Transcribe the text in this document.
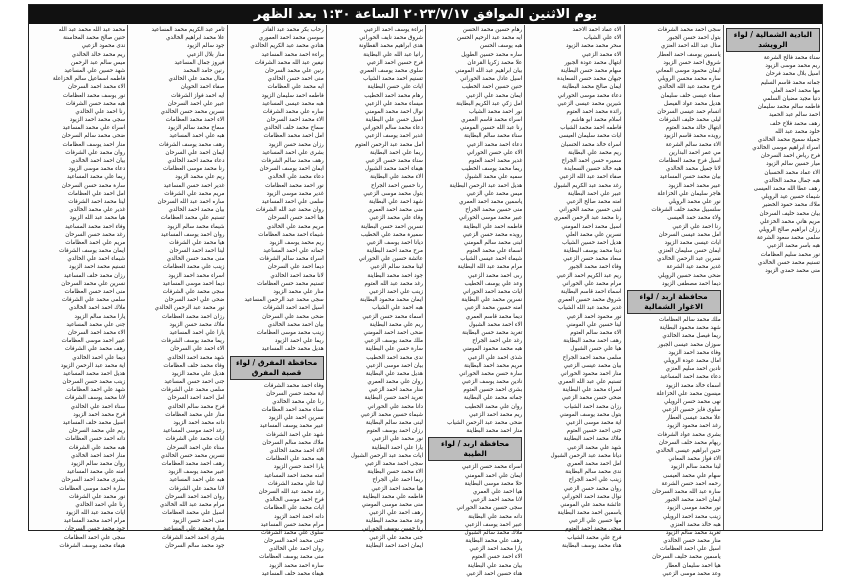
يوم الاثنين الموافق ٢٠٢٣/٧/١٧ الساعة ١:٣٠ بعد الظهر
البادية الشمالية / لواء الرويشد
سناء محمد فالح الشرعة
ريم محمد موسى الزيود
اسيل بلال محمد فرحان
جمانه محمد قاسم السليم
مها محمد احمد العلي
دنيا مجيد مضيان السلمي
فاطمه سالم محمد سليمان
احمد سالم عبد الحميد
رهف محمد فلاح خلف
خلود محمد عبد الله
جميلة سميح محمد الخالدي
اسراء ابراهيم موسى الخالدي
فرح رياض احمد السرحان
ميار حسين سالم الزيود
الاء عماد محمد الحسبان
هبه جمال محمد الخالدي
رهف عطا الله محمد العيسى
شيماء حسين عيد الرويلي
ملاك محمد حمود الخضير
بيان محمد خليف السرحان
مريم هاني محمد الخزعلي
رزان ابراهيم صالح الرويلي
سلمى محمد سعود الشرعة
هبه باسر محمد الزعبي
نور محمد سليم العظامات
تسنيم محمد حسن الخالدي
منى محمد حمدي الزيود
سجى احمد محمد الشرفات
بتول احمد حسن الجبور
منال عبد الله احمد العنزي
ياسمين يوسف احمد العطار
شروق احمد حسن الزيود
ايمان محمود موسى المعاني
ساره محمد محسن الرويلي
فرح محمد عبد الله الخالدي
صفاء عيسى خلف سليمان
هديل محمد عواد الفيصل
انسام حمد عيسى السرحان
ليلى محمد خليف الشرفات
ابتهال خالد محمد العتوم
رويده محمد قاسم الزيود
الاء محمد سالم الشرعة
مي عمر احمد البدارين
اسيل فرج محمد العظامات
لانا جميل محمد الخالدي
بيان محمد حسن المساعيد
عبير محمد احمد الزيود
هاجر سليمان علي الخزاعلة
نور علي محمد الرويلي
سلسبيل محمد خلف الشرفات
ولاء محمد حمد العيسى
رنا احمد علي الزعبي
امل محمد عيسى السرحان
ايات عيسى محمد الزيود
ايمان حسن سليمان العنزي
نسرين عبد الرحمن الخالدي
غدير محمد عيد الشرعة
ضحى محمد حسين الرويلي
ديما احمد مصطفى الزيود
محافظة اربد / لواء الاغوار الشمالية
ملك محمد سالم العظامات
شهد محمد محمود البطاينة
ريما فيصل محمد الخالدي
سوزان محمد عيسى الجبور
وفاء محمد احمد الزيود
امال محمد عودة الرويلي
نادين احمد سليم العنزي
دعاء محمد احمد المساعيد
اسماء خالد محمد الزيود
ميسون محمد علي الخزاعلة
نهى محمد حسن الرويلي
سلوى فايز حسين الزعبي
علا محمد عيسى العطار
رغد احمد محمود الزيود
بشرى محمد عواد الشرفات
ريهام محمد خلف السرحان
حنين ابراهيم عيسى الخالدي
الاء فواز محمد المعاني
لينا محمد سالم الزيود
سهام علي محمد العيسى
رحمه احمد حسن الشرعة
سارة عبد الله محمد السرحان
ايمان احمد محمد الجبور
نور محمد موسى الزيود
زينب محمد احمد الرويلي
هبه خالد محمد العنزي
تغريد محمد سالم الزيود
منار محمد حسن الخالدي
اسيل علي احمد العظامات
ياسمين محمد خليف السرحان
هيا احمد سليمان العطار
وعد محمد موسى الزعبي
الاء عماد احمد الاحمد
الاء علي الشياب
سحر محمد محمد الزيود
الاء محمد الزعبي
ابتهال محمد عودة الجبور
سهام محمد حسن البطاينة
جيهان محمد حسن السعايدة
ايمان صالح محمد البطاينة
دعاء محمد موسى الحوراني
شيرين محمد عيسى الزعبي
رائدة محمد احمد العتوم
اسلام محمد ابو هاشم
فاطمه احمد محمد الشياب
ايات محمد سليمان العيسى
اسراء خالد محمد الحسبان
ريم محمد علي البطاينة
سميره حسن احمد الجراح
هبه خالد حسين السعايدة
صفاء احمد عبد الله الزعبي
رغد محمد عبد الكريم الشبول
عبير علي احمد البطاينة
امنه محمد صالح الزعبي
لبنى حسين محمد الحوراني
رنا محمد عبد الرحمن العمري
اسيل محمد احمد المومني
نسرين علي محمد العلي
هديل احمد حسين الشياب
دينا محمد يوسف البطاينة
سعاد محمد حسن الزعبي
وفاء احمد محمد الجبور
ريم عبد الكريم احمد الزعبي
مرام محمد علي الحوراني
اسماء احمد قاسم البطاينة
شروق محمد حسين العمري
غدير محمد عبد الله الشياب
نور محمود احمد الزعبي
لينا حسين علي المومني
الاء محمد سالم العتوم
رهف احمد محمد البطاينة
هيا علي حسن الشبول
سلمى محمد احمد الجراح
بيان محمد عيسى الزعبي
منار احمد محمود الحوراني
تسنيم علي عبد الله العمري
اسراء محمد علي البطاينة
ضحى حسن محمد الزعبي
رزان محمد احمد الشياب
بتول محمد يوسف المومني
اية محمد موسى الزعبي
جنى احمد حسين العتوم
ملاك محمد احمد البطاينة
شهد علي محمد الزعبي
ديانا محمد عبد الرحمن الشبول
امل احمد محمد العمري
ندى محمد سالم البطاينة
زينب علي احمد الجراح
روان محمد حسن الزعبي
نوال محمد احمد الحوراني
عائشة محمد علي المومني
ياسمين احمد محمد البطاينة
مها حسين علي الزعبي
سجى محمد احمد العتوم
فرح علي محمد الشياب
هناء محمد يوسف البطاينة
رهام حسين محمد الحسن
ايه محمد عبد الرحيم الحسن
هبه يوسف الحسن
ساره محمد حسين الطويل
علا محمد زكريا القرعان
بيان ابراهيم عبد الله المومني
اسيل عادل محمد الحوراني
حنين حسين احمد الخطيب
ايمان محمد علي الزعبي
امل زكي عبد الكريم البطاينة
نور احمد محمد الشياب
اسراء محمد قاسم العمري
رنا عبد الله حسين المومني
سناء محمد سالم البطاينة
دعاء احمد محمد الزعبي
الاء علي حسن الحوراني
غدير محمد احمد العتوم
ريما محمد يوسف الخطيب
سميه علي محمد الشبول
هديل احمد عبد الرحمن البطاينة
ميس محمد علي الزعبي
ياسمين محمد احمد العمري
منى حسين محمد الجراح
عبير محمد موسى الحوراني
فاطمه احمد علي البطاينة
رويده محمد حسن الزعبي
لبنى محمد سالم المومني
اسماء علي محمد العتوم
شيماء احمد عيسى الشياب
مرام محمد عبد الله البطاينة
ربى احمد محمد الزعبي
وعد علي يوسف الخطيب
ايات محمد احمد الحوراني
نسرين محمد علي البطاينة
امنه حسين محمد الزعبي
ديما محمد قاسم العمري
الاء احمد محمد الشبول
تغريد محمد حسن البطاينة
رغد علي احمد الجراح
هبه محمد محمود المومني
شذى احمد علي الزعبي
مريم محمد احمد البطاينة
سارة حسن محمد الحوراني
نادين محمد يوسف الزعبي
بشرى احمد حسين العتوم
جمانه محمد علي البطاينة
روان علي محمد الخطيب
ريم محمد احمد الزعبي
ضحى محمد عبد الرحمن الشياب
منار احمد محمد البطاينة
محافظة اربد / لواء الطيبة
اسراء محمد حسن الزعبي
ايمان علي احمد المومني
حلا محمد موسى البطاينة
هيا احمد علي العمري
لانا محمد احمد الزعبي
سجى حسين محمد الحوراني
دانه محمد علي البطاينة
عبير احمد يوسف الزعبي
ملاك محمد سالم الشبول
رهف علي محمد البطاينة
يارا محمد احمد الزعبي
الاء احمد حسن العتوم
بيان محمد علي البطاينة
هناء حسين احمد الزعبي
براءة يوسف احمد الزعبي
شروق محمد نايف الحوراني
هدى ابراهيم محمد القطاونة
رانيا عبد الله علي البطاينة
فرح حسين احمد الزعبي
سلوى محمد يوسف العمري
تسنيم احمد محمد الشياب
ايات علي حسن البطاينة
رهام محمد احمد الخطيب
ميساء محمد علي الزعبي
نوال احمد محمد المومني
اسيل حسن علي البطاينة
دعاء محمد سالم الحوراني
غدير احمد يوسف الزعبي
امل محمد عبد الرحمن العتوم
ريما علي احمد البطاينة
سناء محمد حسن الزعبي
هيفاء احمد محمد الشبول
الاء محمد علي البطاينة
رنا حسين احمد الجراح
بتول محمد موسى الزعبي
شهد احمد علي البطاينة
منى محمد احمد العمري
وفاء علي محمد الزعبي
نسرين احمد حسن البطاينة
سميرة محمد علي الخطيب
ديانا احمد يوسف الزعبي
مرح محمد احمد البطاينة
عائشة حسين علي الحوراني
لينا محمد سالم الزعبي
جود احمد محمد البطاينة
رغد محمد عبد الله العتوم
زينب علي احمد الزعبي
ايمان محمد محمود البطاينة
هبه احمد علي الشياب
اسماء محمد حسن الزعبي
ريم علي محمد البطاينة
ضحى احمد احمد المومني
ملك محمد يوسف الزعبي
سارة حسن علي البطاينة
ندى محمد احمد الخطيب
بيان احمد موسى الزعبي
هديل محمد علي البطاينة
روان علي محمد العمري
منار محمد احمد الزعبي
تغريد احمد حسن البطاينة
دانا محمد علي الحوراني
شيماء حسين محمد الزعبي
لبنى محمد سالم البطاينة
رزان احمد يوسف العتوم
نور محمد علي الزعبي
يارا علي احمد البطاينة
ايات محمد عبد الرحمن الشبول
سجى احمد محمد الزعبي
الاء محمد حسن البطاينة
ريما احمد علي الجراح
هيا محمد احمد الزعبي
فاطمه علي محمد البطاينة
منى محمد موسى المومني
رهف احمد علي الزعبي
وعد محمد محمد البطاينة
رنا حسين يوسف الحوراني
جنى محمد علي الزعبي
ايمان احمد احمد البطاينة
رحاب بكر محمد عبد القادر
سوسن محمد احمد العموري
هنادي محمد عبد الكريم الخالدي
براءة احمد محمد المساعيد
نيفين عبد الله محمد الشرفات
رنين علي محمد السرحان
منى احمد حسن الخالدي
ايه محمد علي العظامات
فاطمه احمد سليمان الزيود
هبه محمد عيسى المساعيد
ساره علي محمد الشرفات
الاء محمد احمد السرحان
سماح محمد خلف الخالدي
امل احمد محمد العظامات
رزان محمد حسن الزيود
بشرى علي احمد المساعيد
رهف محمد سالم الشرفات
ايمان احمد يوسف السرحان
دعاء محمد علي الخالدي
نور احمد محمد العظامات
غدير محمد موسى الزيود
سلمى علي احمد المساعيد
روان محمد عبد الله الشرفات
هيا احمد حسن السرحان
مريم محمد علي الخالدي
شيماء احمد محمد العظامات
ريم محمد يوسف الزيود
جمانه علي احمد المساعيد
اسراء محمد سالم الشرفات
ديما احمد علي السرحان
لانا محمد احمد الخالدي
تسنيم محمد حسن العظامات
منار علي محمد الزيود
سجى محمد عبد الرحمن المساعيد
اسيل احمد احمد الشرفات
ضحى محمد علي السرحان
بيان احمد محمد الخالدي
زينب محمد موسى العظامات
ريما علي احمد الزيود
هديل محمد خلف المساعيد
محافظة المفرق / لواء قصبة المفرق
وفاء احمد محمد الشرفات
اية محمد حسن السرحان
رنا علي محمد الخالدي
سناء محمد احمد العظامات
نسرين احمد علي الزيود
عبير محمد يوسف المساعيد
شهد علي احمد الشرفات
ملاك محمد سالم السرحان
الاء احمد محمد الخالدي
هبه محمد علي العظامات
يارا احمد حسن الزيود
امنه محمد احمد المساعيد
لينا علي محمد الشرفات
رغد محمد عبد الله السرحان
فرح احمد موسى الخالدي
ايات محمد علي العظامات
دانه احمد احمد الزيود
مرام محمد حسن المساعيد
سلوى علي محمد الشرفات
جنى محمد احمد السرحان
روان احمد علي الخالدي
منى محمد يوسف العظامات
سارة احمد محمد الزيود
هيفاء محمد خلف المساعيد
ثامر عبد الكريم محمد المساعيد
علا محمد ابراهيم الخالدي
جود سالم الزيود
منار بلال الزعبي
فيروز جمال المساعيد
رنين حامد المحمد
منال محمد علي الخالدي
صفاء احمد الحويان
ايه احمد فواز الشرفات
عبير علي احمد السرحان
نسرين محمد حسن الخالدي
الاء احمد محمد العظامات
سماح محمد سالم الزيود
هبه علي احمد المساعيد
رهف محمد يوسف الشرفات
ايمان احمد علي السرحان
دعاء محمد احمد الخالدي
رنا محمد موسى العظامات
ريم علي محمد الزيود
غدير احمد حسن المساعيد
مريم محمد علي الشرفات
ساره احمد عبد الله السرحان
بيان محمد احمد الخالدي
تسنيم علي محمد العظامات
شيماء محمد سالم الزيود
روان احمد يوسف المساعيد
هيا محمد علي الشرفات
لينا احمد احمد السرحان
منى محمد حسن الخالدي
زينب علي محمد العظامات
اسراء محمد احمد الزيود
ديما احمد موسى المساعيد
سجى محمد علي الشرفات
ضحى علي احمد السرحان
نور محمد عبد الرحمن الخالدي
رزان احمد محمد العظامات
ملاك محمد حسن الزيود
يارا علي احمد المساعيد
ريما محمد يوسف الشرفات
الاء احمد علي السرحان
شهد محمد احمد الخالدي
وفاء محمد خلف العظامات
هديل علي محمد الزيود
جنى احمد حسن المساعيد
سلمى محمد علي الشرفات
امل احمد احمد السرحان
فرح محمد سالم الخالدي
منار علي محمد العظامات
دانه محمد احمد الزيود
رغد احمد موسى المساعيد
ايات محمد علي الشرفات
سناء علي احمد السرحان
نسرين محمد حسن الخالدي
رهف احمد محمد العظامات
عبير محمد يوسف الزيود
هبه علي احمد المساعيد
لانا محمد علي الشرفات
روان احمد احمد السرحان
مرام محمد عبد الله الخالدي
اسيل علي محمد العظامات
منى احمد حسن الزيود
سارة محمد علي المساعيد
بشرى احمد احمد الشرفات
جود محمد سالم السرحان
محمد عبد الله محمد عبد الله
حنين صالح محمد المحاسنة
ندى محمود الزعبي
ريم محمد خالد الخالدي
ميس سالم عبد الرحمن
شهد حسين علي المساعيد
فاطمه اسماعيل سالم الخزاعلة
الاء محمد احمد السرحان
نور يوسف محمد العظامات
هبه محمد حسن الشرفات
رنا احمد علي الخالدي
سجى محمد احمد الزيود
اسراء علي محمد المساعيد
ضحى محمد سالم السرحان
منار احمد يوسف العظامات
روان محمد علي الشرفات
بيان احمد احمد الخالدي
دعاء محمد موسى الزيود
ريما علي محمد المساعيد
سارة محمد حسن السرحان
امل احمد علي العظامات
لينا محمد احمد الشرفات
غدير علي محمد الخالدي
هيا محمد عبد الله الزيود
وفاء احمد محمد المساعيد
رغد محمد حسن السرحان
مريم علي احمد العظامات
ايمان محمد يوسف الشرفات
شيماء احمد علي الخالدي
تسنيم محمد احمد الزيود
رزان محمد خلف المساعيد
نسرين علي محمد السرحان
منى احمد حسن العظامات
سلمى محمد علي الشرفات
ملاك احمد احمد الخالدي
يارا محمد سالم الزيود
جنى علي محمد المساعيد
الاء محمد احمد السرحان
عبير احمد موسى العظامات
رهف محمد علي الشرفات
ديما علي احمد الخالدي
اية محمد عبد الرحمن الزيود
هديل احمد محمد المساعيد
زينب محمد حسن السرحان
شهد علي احمد العظامات
لانا محمد يوسف الشرفات
سناء احمد علي الخالدي
فرح محمد احمد الزيود
اسيل محمد خلف المساعيد
ريم علي محمد السرحان
دانه احمد حسن العظامات
هبه محمد علي الشرفات
منار احمد احمد الخالدي
روان محمد سالم الزيود
امنه علي محمد المساعيد
بشرى محمد احمد السرحان
سارة احمد موسى العظامات
نور محمد علي الشرفات
رنا علي احمد الخالدي
ايات محمد عبد الله الزيود
مرام احمد محمد المساعيد
جود محمد حسن السرحان
سجى علي احمد العظامات
هيفاء محمد يوسف الشرفات
